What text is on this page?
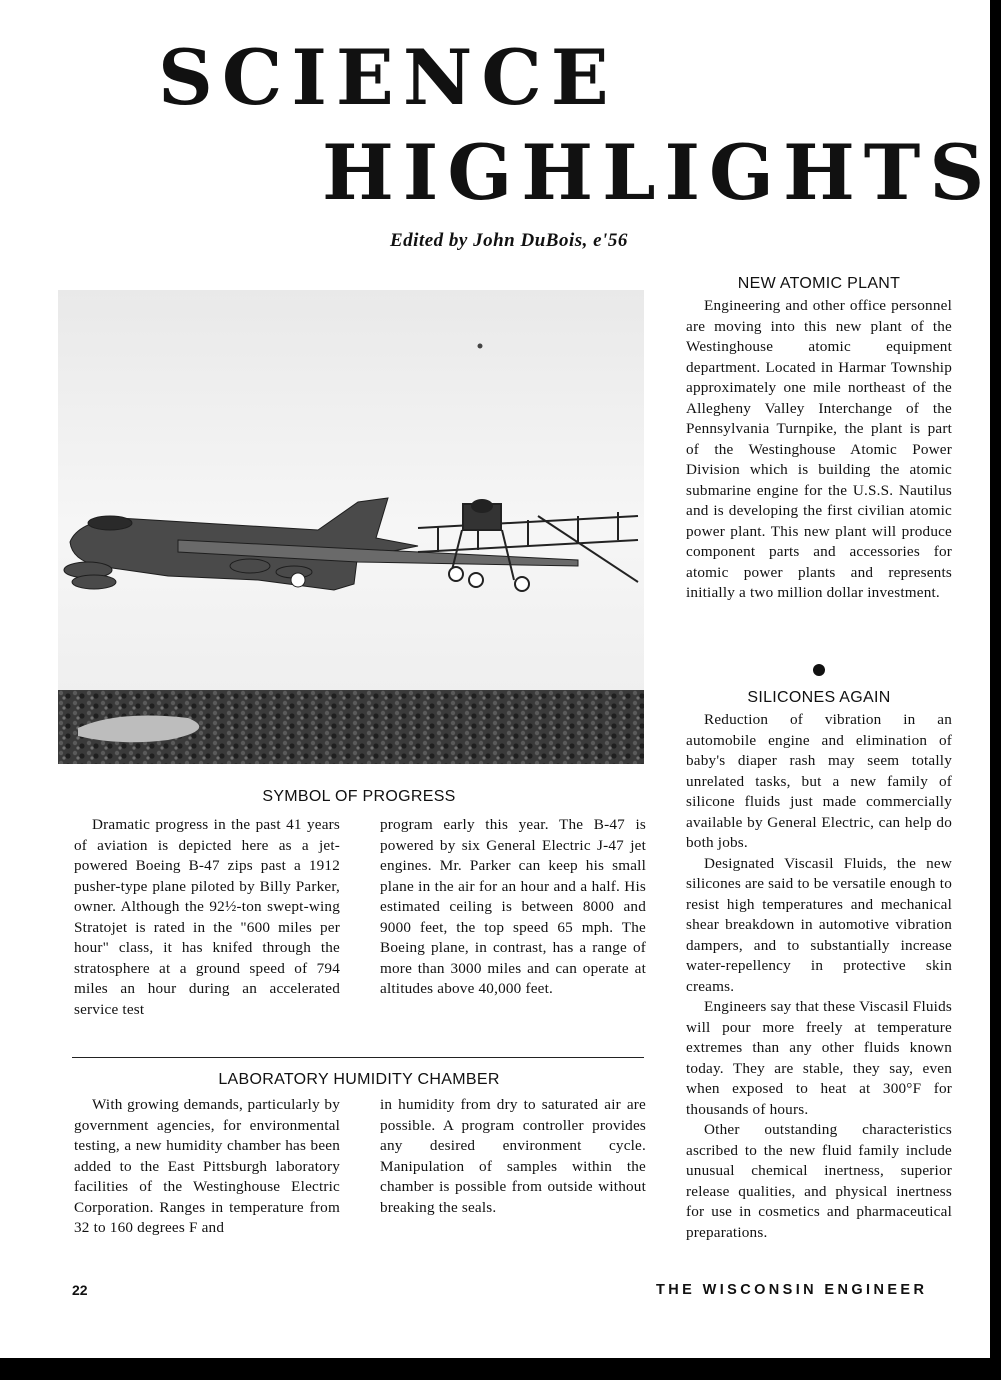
SCIENCE
HIGHLIGHTS

Edited by John DuBois, e'56

NEW ATOMIC PLANT

Engineering and other office personnel are moving into this new plant of the Westinghouse atomic equipment department. Located in Harmar Township approximately one mile northeast of the Allegheny Valley Interchange of the Pennsylvania Turnpike, the plant is part of the Westinghouse Atomic Power Division which is building the atomic submarine engine for the U.S.S. Nautilus and is developing the first civilian atomic power plant. This new plant will produce component parts and accessories for atomic power plants and represents initially a two million dollar investment.

SILICONES AGAIN

Reduction of vibration in an automobile engine and elimination of baby's diaper rash may seem totally unrelated tasks, but a new family of silicone fluids just made commercially available by General Electric, can help do both jobs.

Designated Viscasil Fluids, the new silicones are said to be versatile enough to resist high temperatures and mechanical shear breakdown in automotive vibration dampers, and to substantially increase water-repellency in protective skin creams.

Engineers say that these Viscasil Fluids will pour more freely at temperature extremes than any other fluids known today. They are stable, they say, even when exposed to heat at 300°F for thousands of hours.

Other outstanding characteristics ascribed to the new fluid family include unusual chemical inertness, superior release qualities, and physical inertness for use in cosmetics and pharmaceutical preparations.

SYMBOL OF PROGRESS

Dramatic progress in the past 41 years of aviation is depicted here as a jet-powered Boeing B-47 zips past a 1912 pusher-type plane piloted by Billy Parker, owner. Although the 92½-ton swept-wing Stratojet is rated in the "600 miles per hour" class, it has knifed through the stratosphere at a ground speed of 794 miles an hour during an accelerated service test

program early this year. The B-47 is powered by six General Electric J-47 jet engines. Mr. Parker can keep his small plane in the air for an hour and a half. His estimated ceiling is between 8000 and 9000 feet, the top speed 65 mph. The Boeing plane, in contrast, has a range of more than 3000 miles and can operate at altitudes above 40,000 feet.

LABORATORY HUMIDITY CHAMBER

With growing demands, particularly by government agencies, for environmental testing, a new humidity chamber has been added to the East Pittsburgh laboratory facilities of the Westinghouse Electric Corporation. Ranges in temperature from 32 to 160 degrees F and

in humidity from dry to saturated air are possible. A program controller provides any desired environment cycle. Manipulation of samples within the chamber is possible from outside without breaking the seals.

22	THE WISCONSIN ENGINEER
